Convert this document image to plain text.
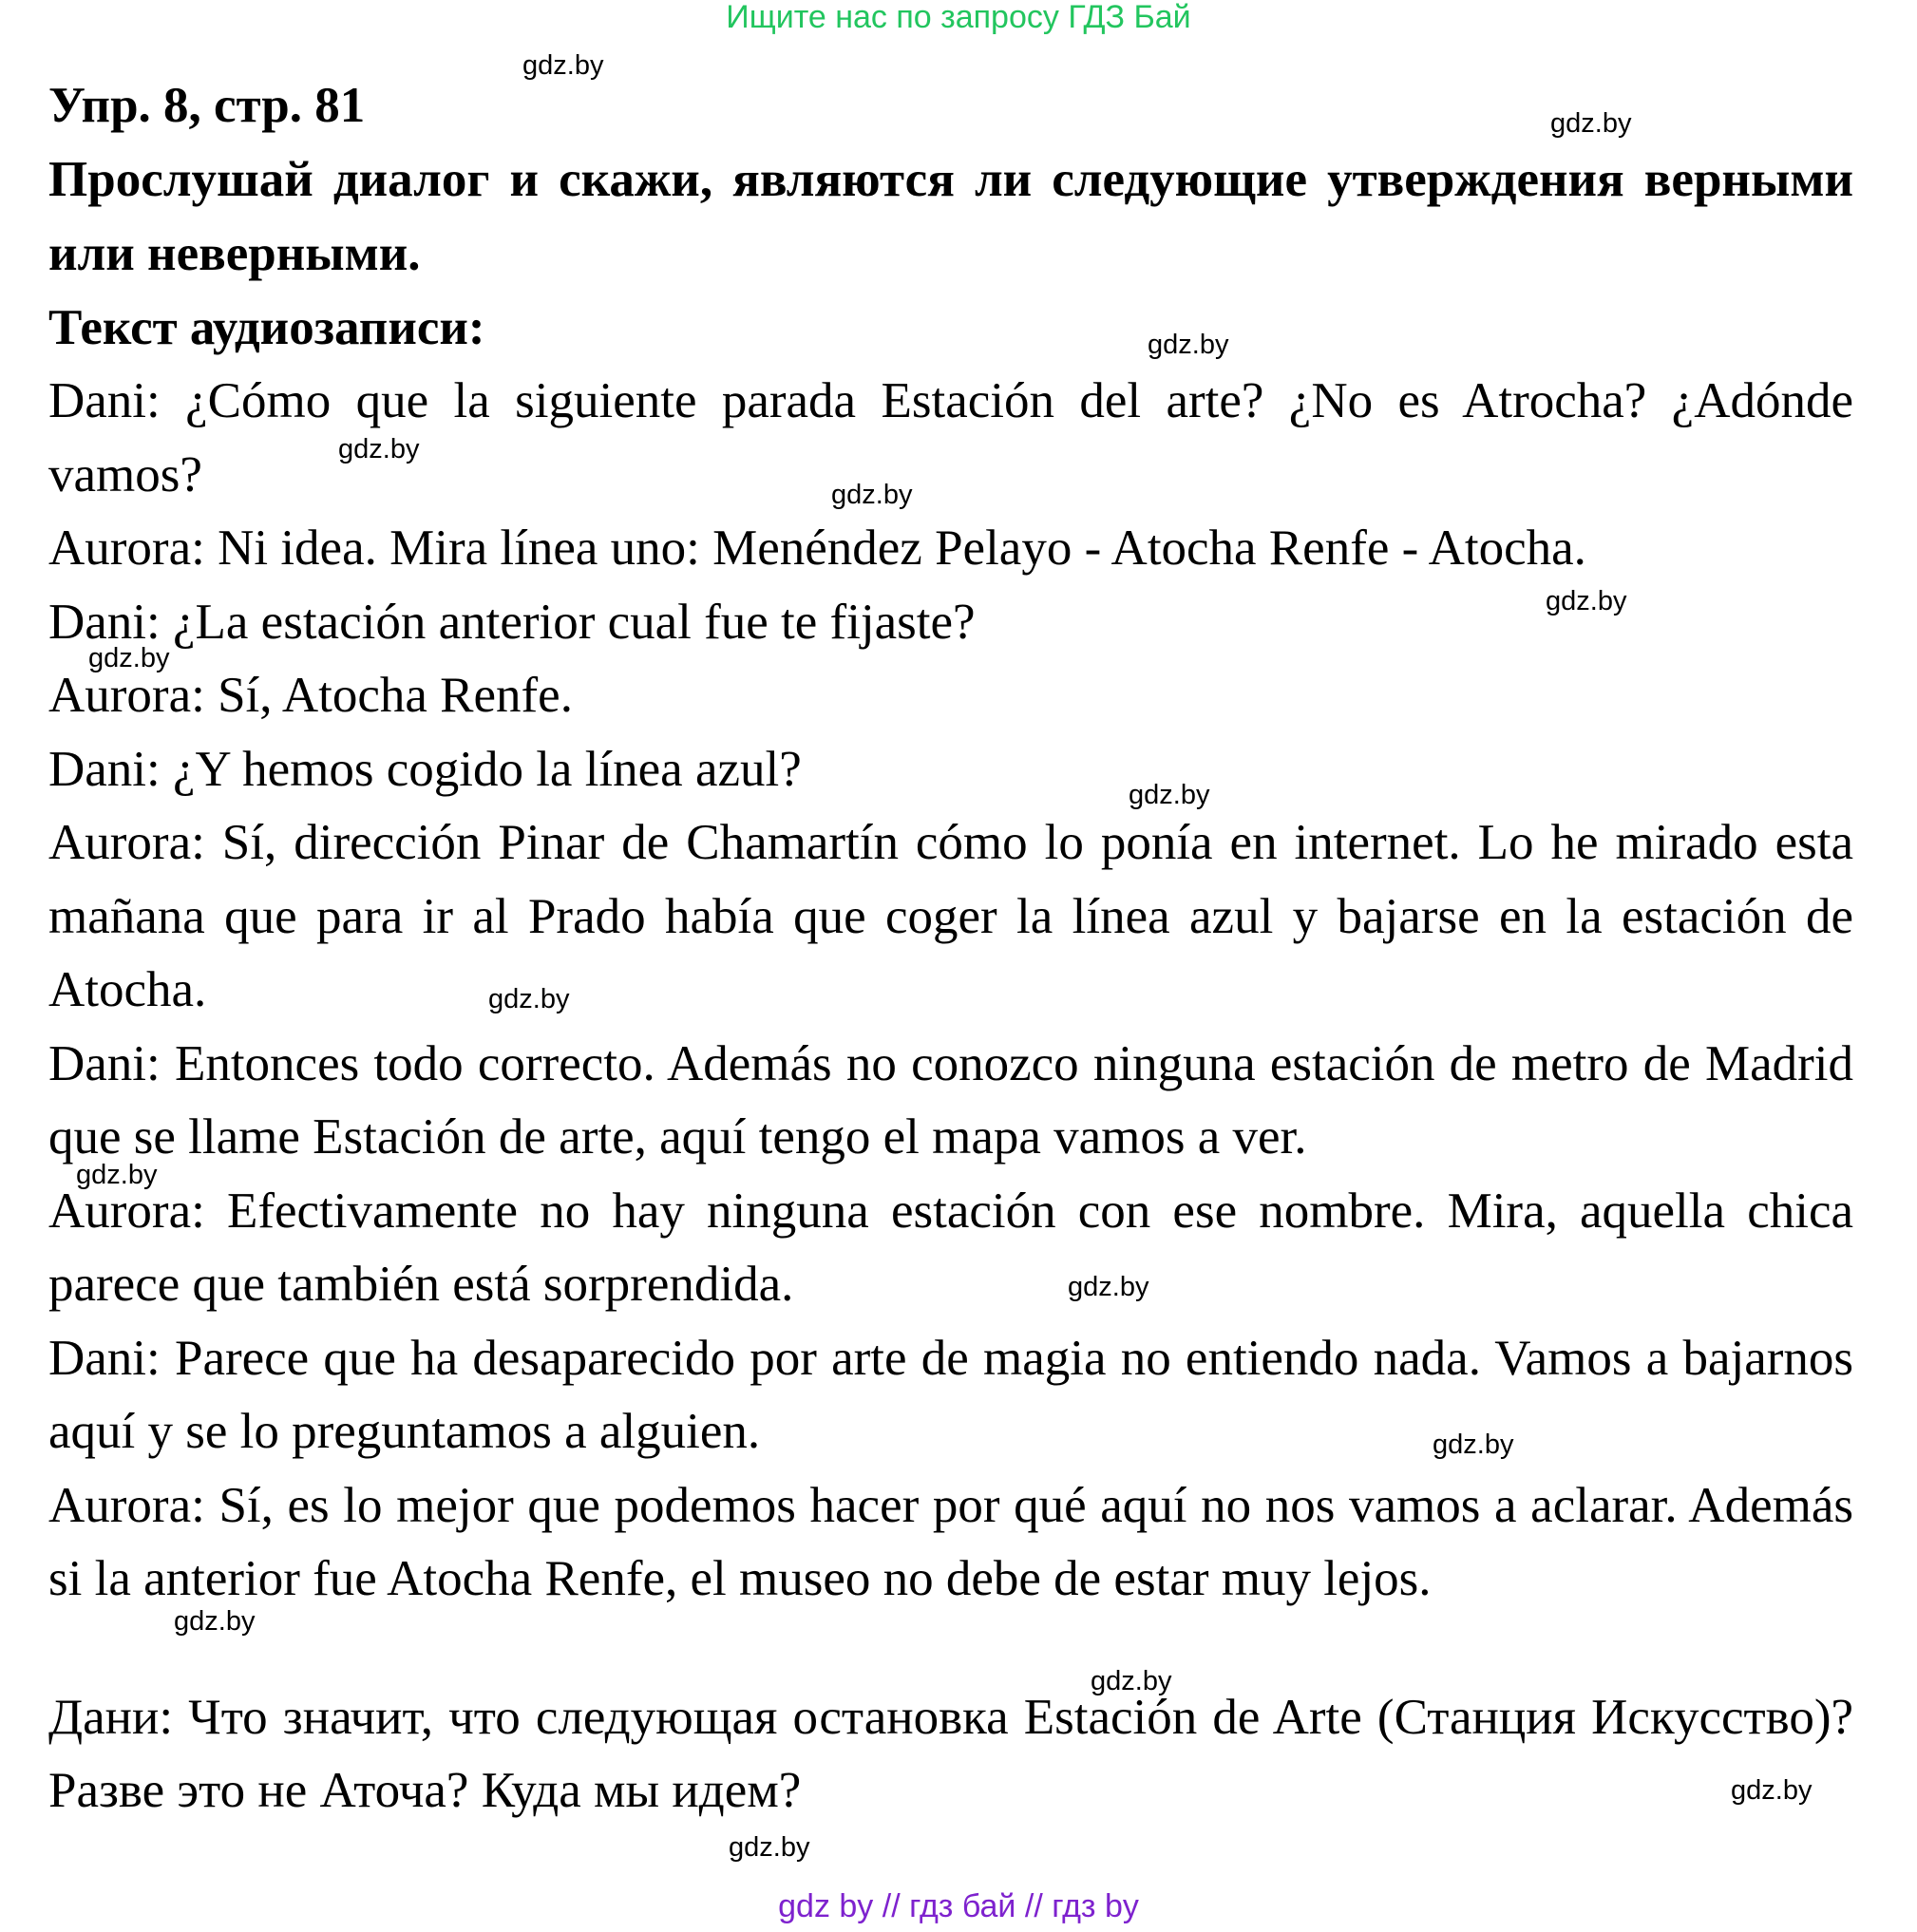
Ищите нас по запросу ГДЗ Бай

Упр. 8, стр. 81

Прослушай диалог и скажи, являются ли следующие утверждения верными или неверными.

Текст аудиозаписи:

Dani: ¿Cómo que la siguiente parada Estación del arte? ¿No es Atrocha? ¿Adónde vamos?

Aurora: Ni idea. Mira línea uno: Menéndez Pelayo - Atocha Renfe - Atocha.

Dani: ¿La estación anterior cual fue te fijaste?

Aurora: Sí, Atocha Renfe.

Dani: ¿Y hemos cogido la línea azul?

Aurora: Sí, dirección Pinar de Chamartín cómo lo ponía en internet. Lo he mirado esta mañana que para ir al Prado había que coger la línea azul y bajarse en la estación de Atocha.

Dani: Entonces todo correcto. Además no conozco ninguna estación de metro de Madrid que se llame Estación de arte, aquí tengo el mapa vamos a ver.

Aurora: Efectivamente no hay ninguna estación con ese nombre. Mira, aquella chica parece que también está sorprendida.

Dani: Parece que ha desaparecido por arte de magia no entiendo nada. Vamos a bajarnos aquí y se lo preguntamos a alguien.

Aurora: Sí, es lo mejor que podemos hacer por qué aquí no nos vamos a aclarar. Además si la anterior fue Atocha Renfe, el museo no debe de estar muy lejos.

Дани: Что значит, что следующая остановка Estación de Arte (Станция Искусство)? Разве это не Аточа? Куда мы идем?

gdz.by
gdz.by
gdz.by
gdz.by
gdz.by
gdz.by
gdz.by
gdz.by
gdz.by
gdz.by
gdz.by
gdz.by
gdz.by
gdz.by
gdz.by
gdz.by
gdz by // гдз бай // гдз by
